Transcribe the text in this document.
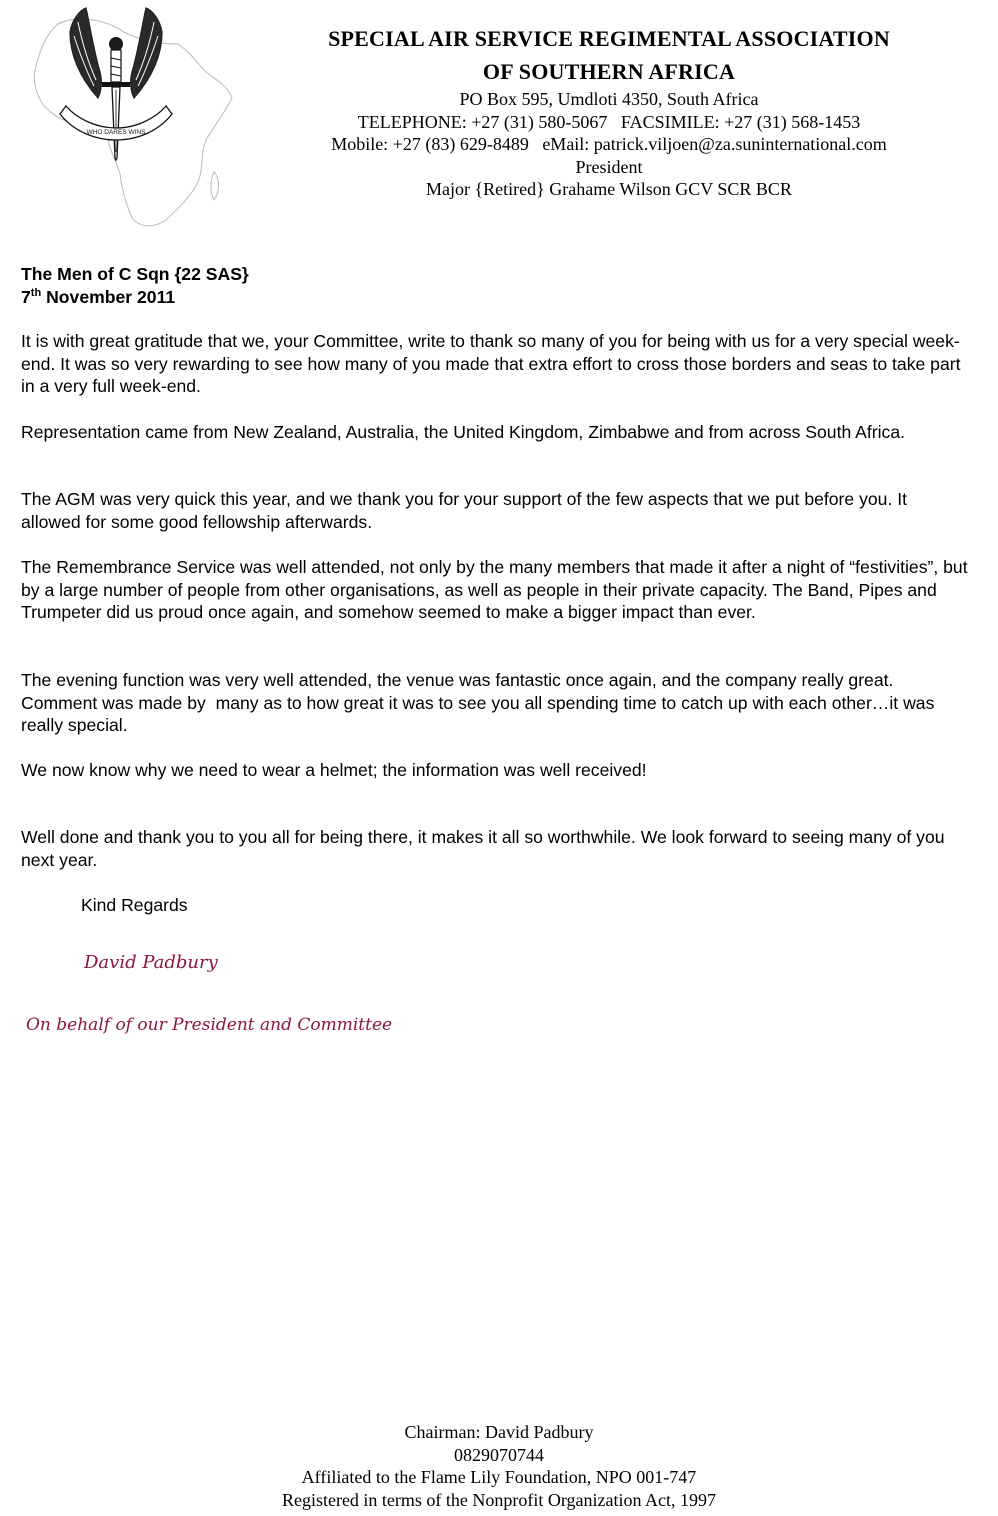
WHO DARES WINS
SPECIAL AIR SERVICE REGIMENTAL ASSOCIATION
OF SOUTHERN AFRICA
PO Box 595, Umdloti 4350, South Africa
TELEPHONE: +27 (31) 580-5067   FACSIMILE: +27 (31) 568-1453
Mobile: +27 (83) 629-8489   eMail: patrick.viljoen@za.suninternational.com
President
Major {Retired} Grahame Wilson GCV SCR BCR
The Men of C Sqn {22 SAS}
7th November 2011

It is with great gratitude that we, your Committee, write to thank so many of you for being with us for a very special week-end. It was so very rewarding to see how many of you made that extra effort to cross those borders and seas to take part in a very full week-end.

Representation came from New Zealand, Australia, the United Kingdom, Zimbabwe and from across South Africa.

The AGM was very quick this year, and we thank you for your support of the few aspects that we put before you. It allowed for some good fellowship afterwards.

The Remembrance Service was well attended, not only by the many members that made it after a night of “festivities”, but by a large number of people from other organisations, as well as people in their private capacity. The Band, Pipes and Trumpeter did us proud once again, and somehow seemed to make a bigger impact than ever.

The evening function was very well attended, the venue was fantastic once again, and the company really great. Comment was made by  many as to how great it was to see you all spending time to catch up with each other…it was really special.

We now know why we need to wear a helmet; the information was well received!

Well done and thank you to you all for being there, it makes it all so worthwhile. We look forward to seeing many of you next year.

Kind Regards
David Padbury
On behalf of our President and Committee
Chairman: David Padbury
0829070744
Affiliated to the Flame Lily Foundation, NPO 001-747
Registered in terms of the Nonprofit Organization Act, 1997
